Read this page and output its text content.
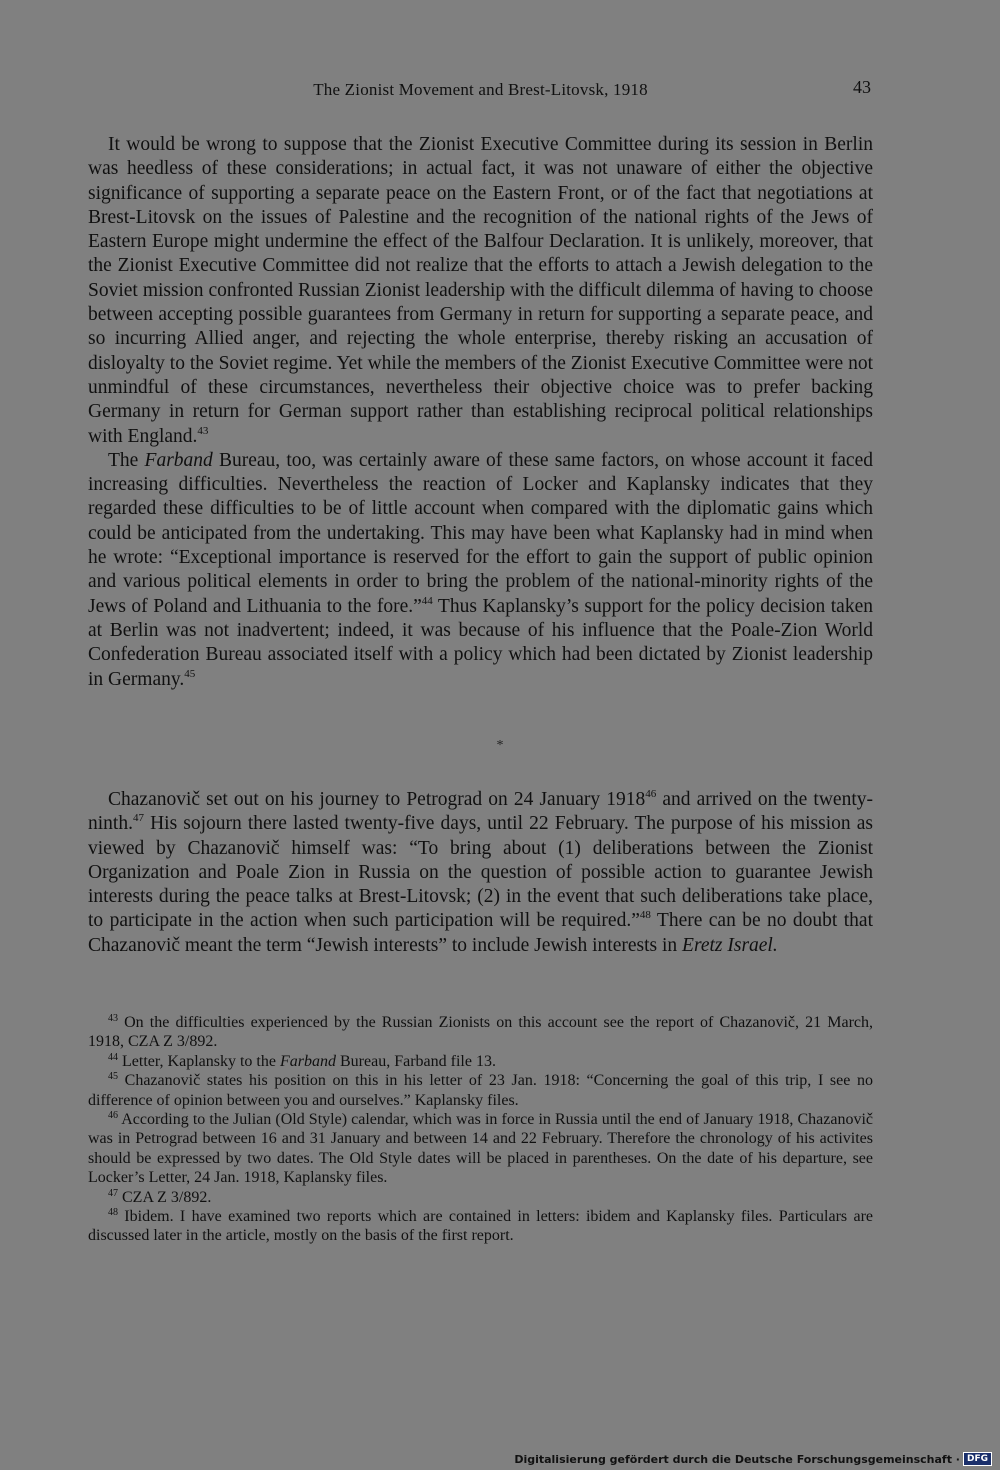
The Zionist Movement and Brest-Litovsk, 1918	43

It would be wrong to suppose that the Zionist Executive Committee during its session in Berlin was heedless of these considerations; in actual fact, it was not unaware of either the objective significance of supporting a separate peace on the Eastern Front, or of the fact that negotiations at Brest-Litovsk on the issues of Palestine and the recognition of the national rights of the Jews of Eastern Europe might undermine the effect of the Balfour Declaration. It is unlikely, moreover, that the Zionist Executive Committee did not realize that the efforts to attach a Jewish delegation to the Soviet mission confronted Russian Zionist leadership with the difficult dilemma of having to choose between accepting possible guarantees from Germany in return for supporting a separate peace, and so incurring Allied anger, and rejecting the whole enterprise, thereby risking an accusation of disloyalty to the Soviet regime. Yet while the members of the Zionist Executive Committee were not unmindful of these circumstances, nevertheless their objective choice was to prefer backing Germany in return for German support rather than establishing reciprocal political relationships with England.$^{43}$

The Farband Bureau, too, was certainly aware of these same factors, on whose account it faced increasing difficulties. Nevertheless the reaction of Locker and Kaplansky indicates that they regarded these difficulties to be of little account when compared with the diplomatic gains which could be anticipated from the undertaking. This may have been what Kaplansky had in mind when he wrote: “Exceptional importance is reserved for the effort to gain the support of public opinion and various political elements in order to bring the problem of the national-minority rights of the Jews of Poland and Lithuania to the fore.”$^{44}$ Thus Kaplansky’s support for the policy decision taken at Berlin was not inadvertent; indeed, it was because of his influence that the Poale-Zion World Confederation Bureau associated itself with a policy which had been dictated by Zionist leadership in Germany.$^{45}$

*

Chazanovič set out on his journey to Petrograd on 24 January 1918$^{46}$ and arrived on the twenty-ninth.$^{47}$ His sojourn there lasted twenty-five days, until 22 February. The purpose of his mission as viewed by Chazanovič himself was: “To bring about (1) deliberations between the Zionist Organization and Poale Zion in Russia on the question of possible action to guarantee Jewish interests during the peace talks at Brest-Litovsk; (2) in the event that such deliberations take place, to participate in the action when such participation will be required.”$^{48}$ There can be no doubt that Chazanovič meant the term “Jewish interests” to include Jewish interests in Eretz Israel.

$^{43}$ On the difficulties experienced by the Russian Zionists on this account see the report of Chazanovič, 21 March, 1918, CZA Z 3/892.

$^{44}$ Letter, Kaplansky to the Farband Bureau, Farband file 13.

$^{45}$ Chazanovič states his position on this in his letter of 23 Jan. 1918: “Concerning the goal of this trip, I see no difference of opinion between you and ourselves.” Kaplansky files.

$^{46}$ According to the Julian (Old Style) calendar, which was in force in Russia until the end of January 1918, Chazanovič was in Petrograd between 16 and 31 January and between 14 and 22 February. Therefore the chronology of his activites should be expressed by two dates. The Old Style dates will be placed in parentheses. On the date of his departure, see Locker’s Letter, 24 Jan. 1918, Kaplansky files.

$^{47}$ CZA Z 3/892.

$^{48}$ Ibidem. I have examined two reports which are contained in letters: ibidem and Kaplansky files. Particulars are discussed later in the article, mostly on the basis of the first report.

Digitalisierung gefördert durch die Deutsche Forschungsgemeinschaft · DFG
